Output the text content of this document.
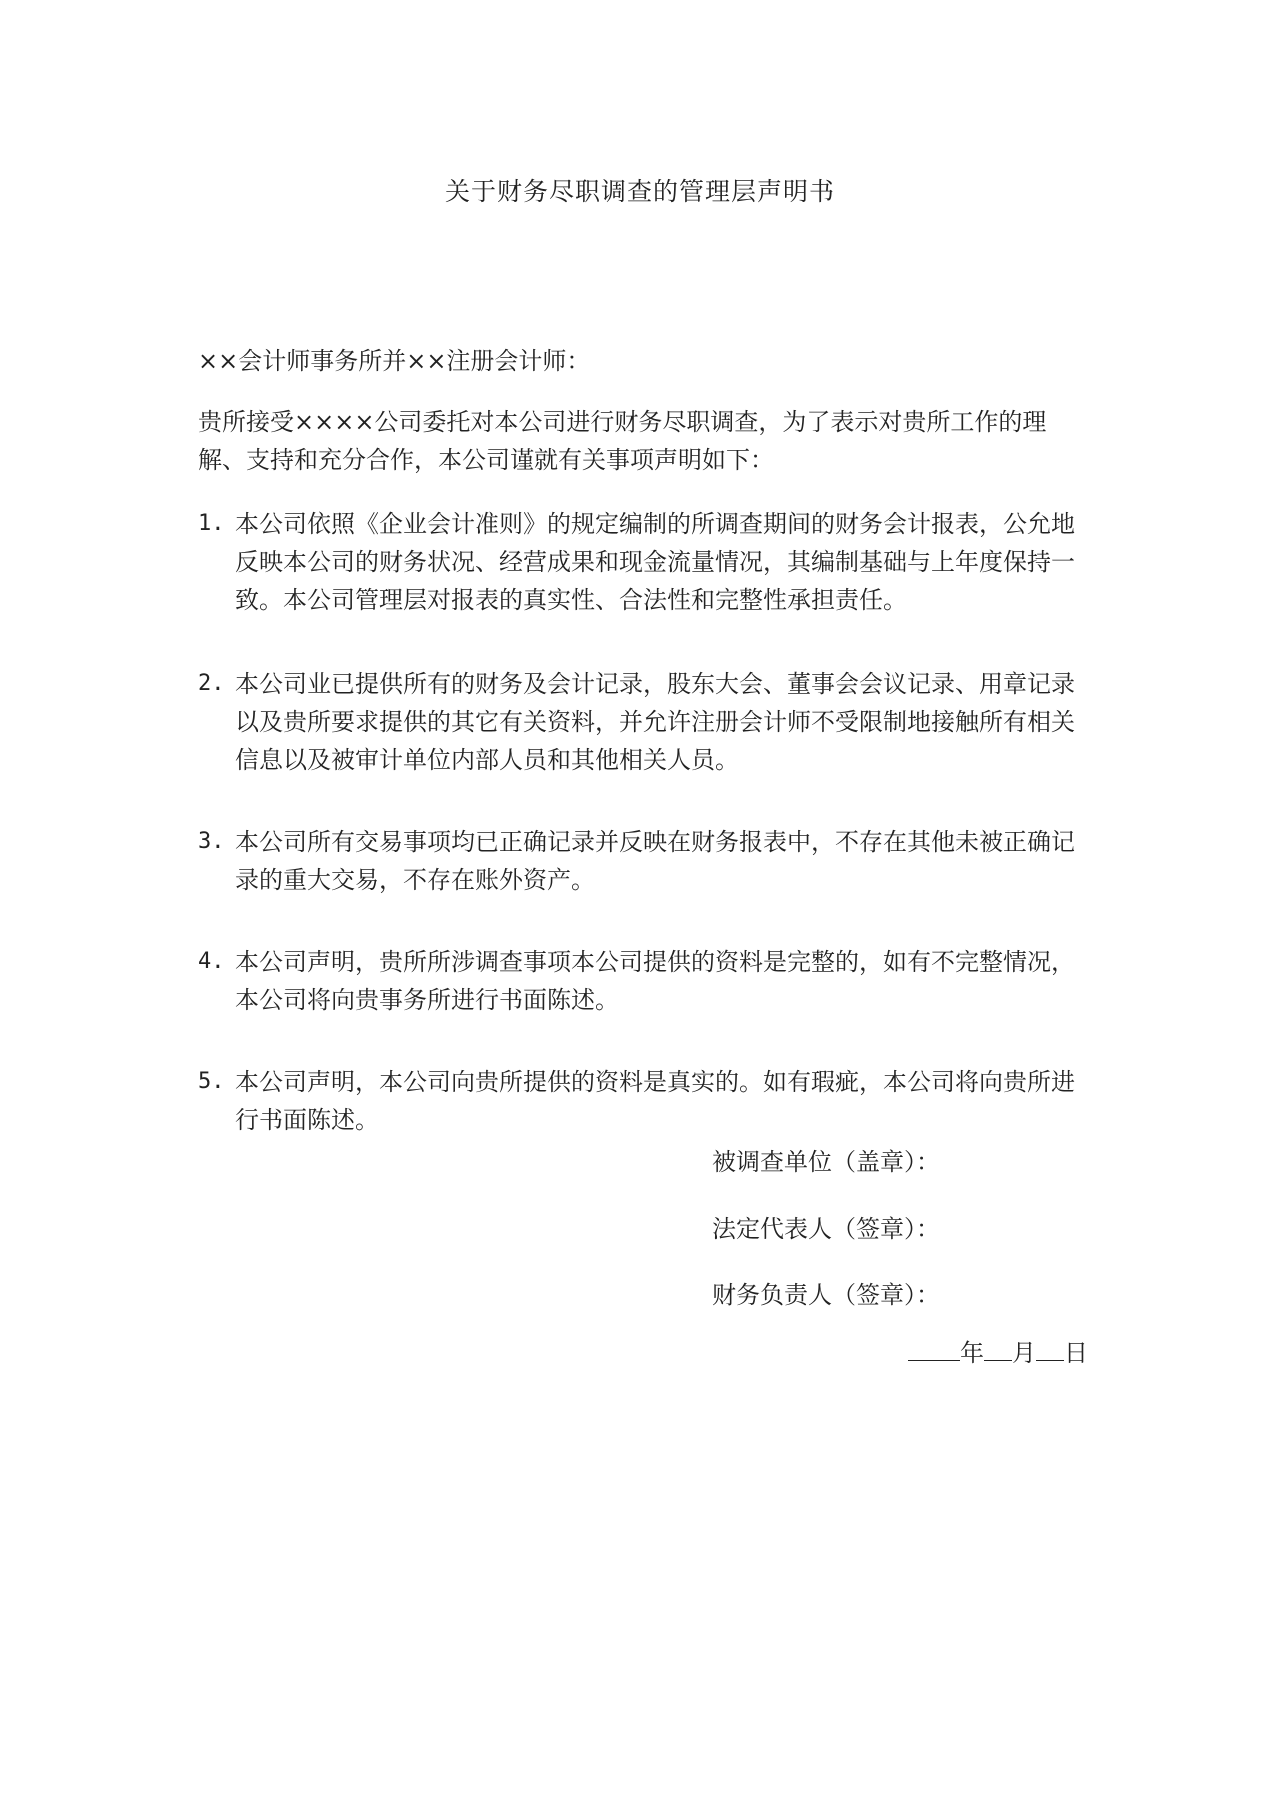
关于财务尽职调查的管理层声明书
××会计师事务所并××注册会计师：
贵所接受××××公司委托对本公司进行财务尽职调查，为了表示对贵所工作的理解、支持和充分合作，本公司谨就有关事项声明如下：
1. 本公司依照《企业会计准则》的规定编制的所调查期间的财务会计报表，公允地反映本公司的财务状况、经营成果和现金流量情况，其编制基础与上年度保持一致。本公司管理层对报表的真实性、合法性和完整性承担责任。
2. 本公司业已提供所有的财务及会计记录，股东大会、董事会会议记录、用章记录以及贵所要求提供的其它有关资料，并允许注册会计师不受限制地接触所有相关信息以及被审计单位内部人员和其他相关人员。
3. 本公司所有交易事项均已正确记录并反映在财务报表中，不存在其他未被正确记录的重大交易，不存在账外资产。
4. 本公司声明，贵所所涉调查事项本公司提供的资料是完整的，如有不完整情况，本公司将向贵事务所进行书面陈述。
5. 本公司声明，本公司向贵所提供的资料是真实的。如有瑕疵，本公司将向贵所进行书面陈述。
被调查单位（盖章）：
法定代表人（签章）：
财务负责人（签章）：
年 月 日
